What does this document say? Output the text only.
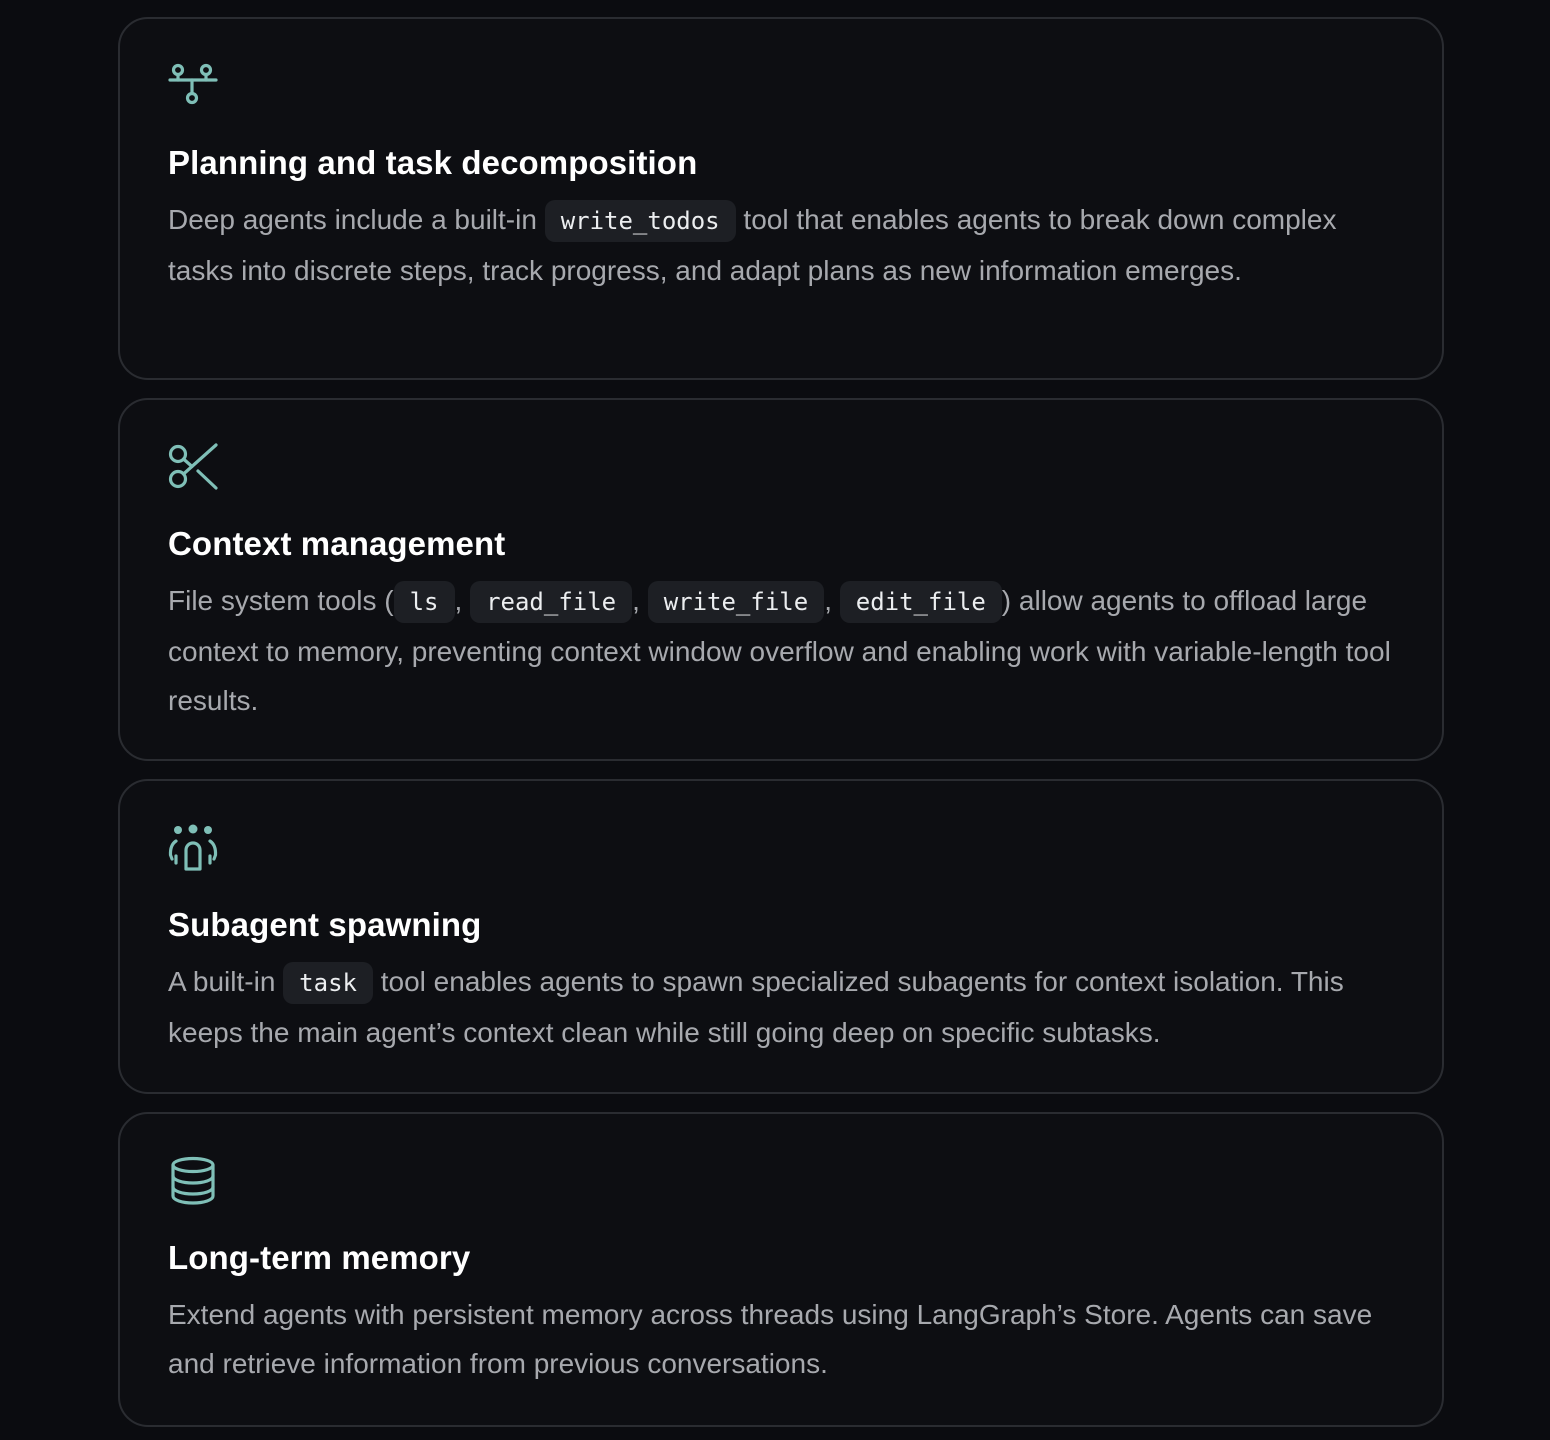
Planning and task decomposition

Deep agents include a built-in write_todos tool that enables agents to break down complex tasks into discrete steps, track progress, and adapt plans as new information emerges.

Context management

File system tools ( ls , read_file , write_file , edit_file ) allow agents to offload large context to memory, preventing context window overflow and enabling work with variable-length tool results.

Subagent spawning

A built-in task tool enables agents to spawn specialized subagents for context isolation. This keeps the main agent’s context clean while still going deep on specific subtasks.

Long-term memory

Extend agents with persistent memory across threads using LangGraph’s Store. Agents can save and retrieve information from previous conversations.
